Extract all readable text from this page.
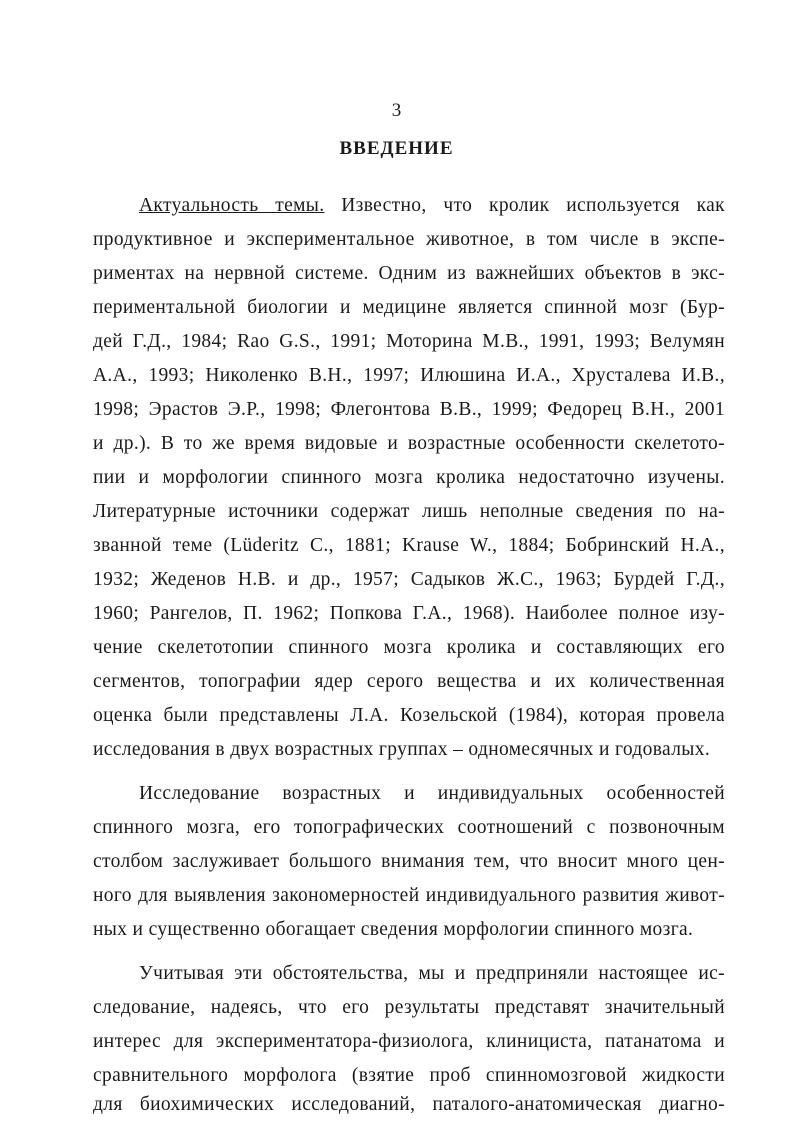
3
ВВЕДЕНИЕ
Актуальность темы. Известно, что кролик используется как
продуктивное и экспериментальное животное, в том числе в экспе-
риментах на нервной системе. Одним из важнейших объектов в экс-
периментальной биологии и медицине является спинной мозг (Бур-
дей Г.Д., 1984; Rao G.S., 1991; Моторина М.В., 1991, 1993; Велумян
А.А., 1993; Николенко В.Н., 1997; Илюшина И.А., Хрусталева И.В.,
1998; Эрастов Э.Р., 1998; Флегонтова В.В., 1999; Федорец В.Н., 2001
и др.). В то же время видовые и возрастные особенности скелетото-
пии и морфологии спинного мозга кролика недостаточно изучены.
Литературные источники содержат лишь неполные сведения по на-
званной теме (Lüderitz C., 1881; Krause W., 1884; Бобринский Н.А.,
1932; Жеденов Н.В. и др., 1957; Садыков Ж.С., 1963; Бурдей Г.Д.,
1960; Рангелов, П. 1962; Попкова Г.А., 1968). Наиболее полное изу-
чение скелетотопии спинного мозга кролика и составляющих его
сегментов, топографии ядер серого вещества и их количественная
оценка были представлены Л.А. Козельской (1984), которая провела
исследования в двух возрастных группах – одномесячных и годовалых.
Исследование возрастных и индивидуальных особенностей
спинного мозга, его топографических соотношений с позвоночным
столбом заслуживает большого внимания тем, что вносит много цен-
ного для выявления закономерностей индивидуального развития живот-
ных и существенно обогащает сведения морфологии спинного мозга.
Учитывая эти обстоятельства, мы и предприняли настоящее ис-
следование, надеясь, что его результаты представят значительный
интерес для экспериментатора-физиолога, клинициста, патанатома и
сравнительного морфолога (взятие проб спинномозговой жидкости
для биохимических исследований, паталого-анатомическая диагно-
